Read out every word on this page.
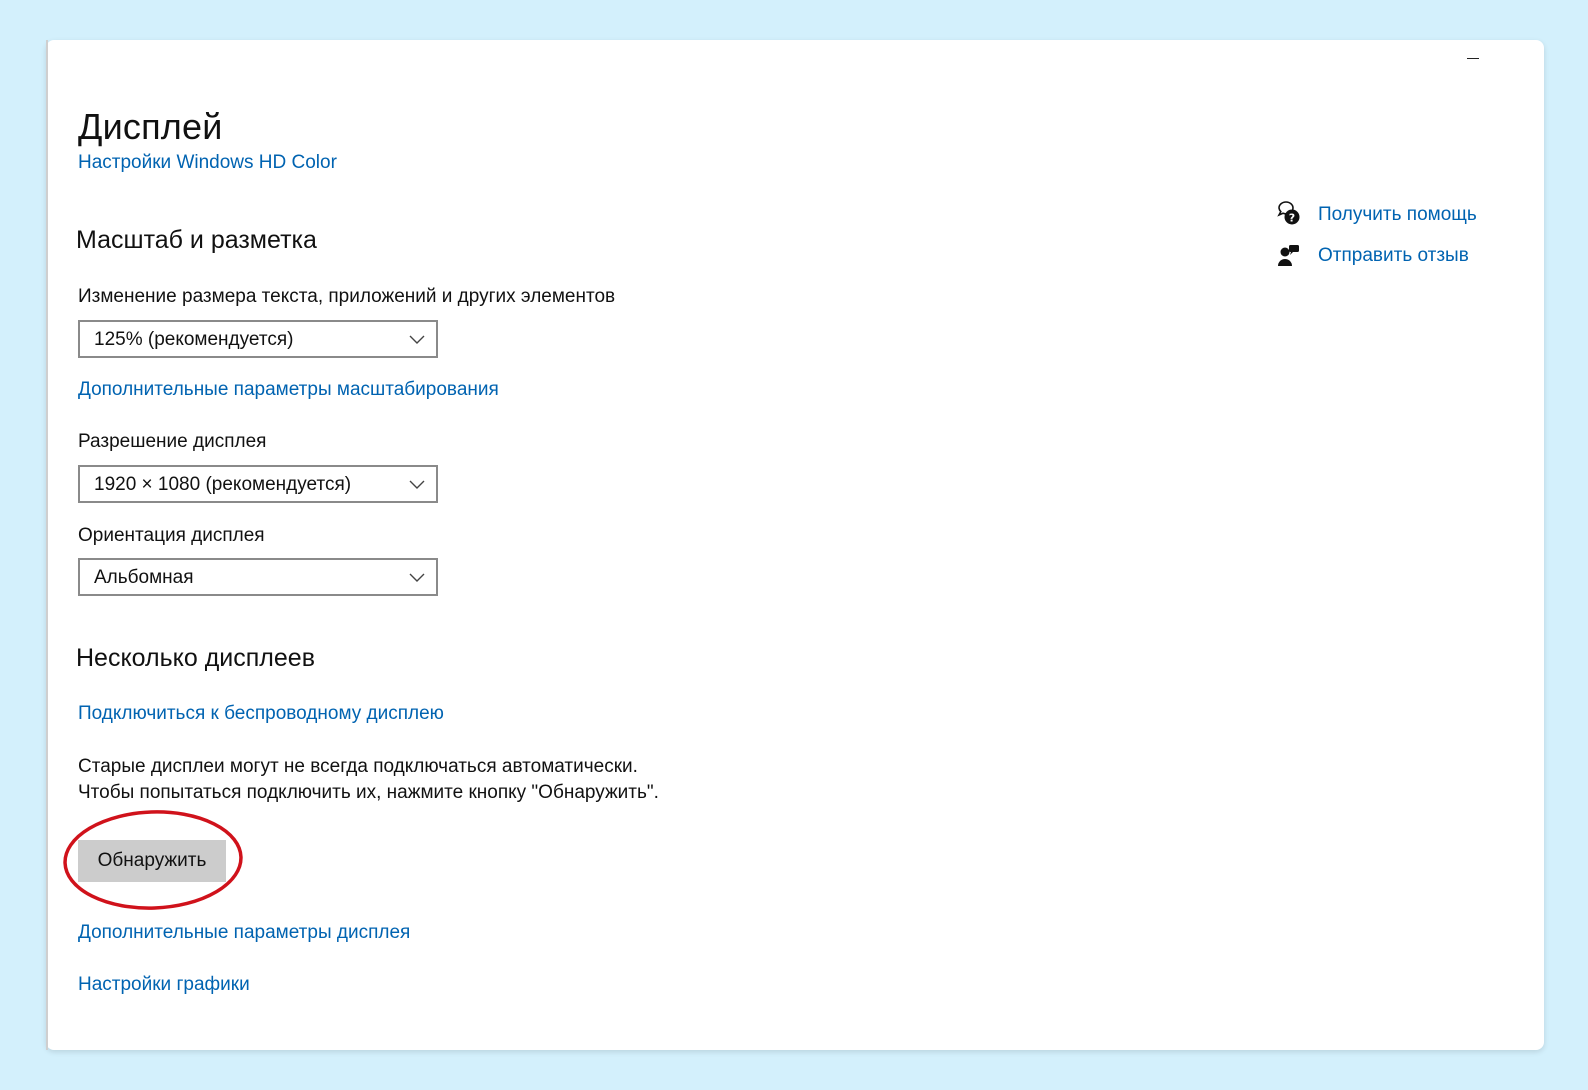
Дисплей
Настройки Windows HD Color
Масштаб и разметка
Изменение размера текста, приложений и других элементов
125% (рекомендуется)
Дополнительные параметры масштабирования
Разрешение дисплея
1920 × 1080 (рекомендуется)
Ориентация дисплея
Альбомная
Несколько дисплеев
Подключиться к беспроводному дисплею
Старые дисплеи могут не всегда подключаться автоматически. Чтобы попытаться подключить их, нажмите кнопку "Обнаружить".
Обнаружить
Дополнительные параметры дисплея
Настройки графики
? Получить помощь
Отправить отзыв
